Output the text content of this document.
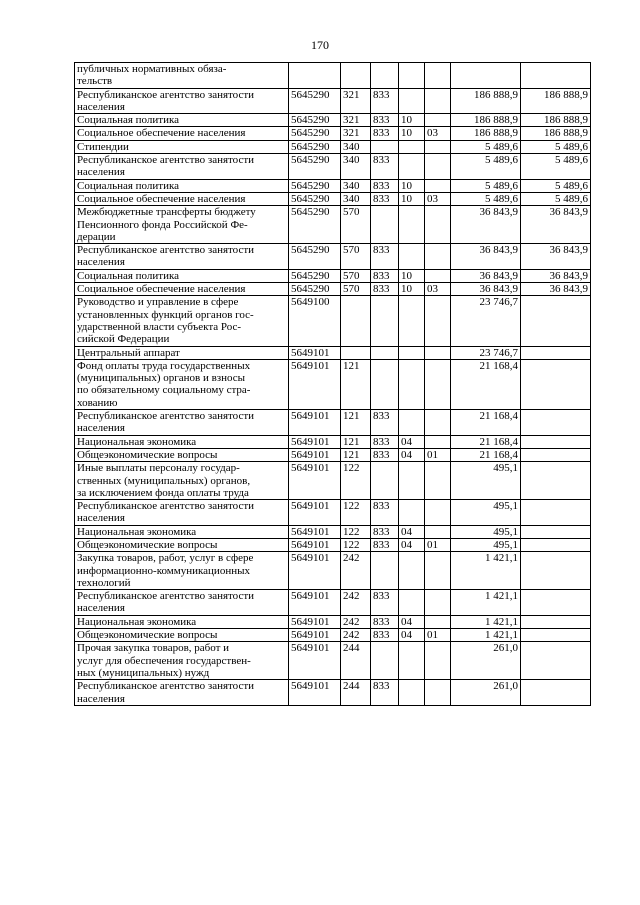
170
публичных нормативных обяза-
тельств							
Республиканское агентство занятости
населения	5645290	321	833			186 888,9	186 888,9
Социальная политика	5645290	321	833	10		186 888,9	186 888,9
Социальное обеспечение населения	5645290	321	833	10	03	186 888,9	186 888,9
Стипендии	5645290	340				5 489,6	5 489,6
Республиканское агентство занятости
населения	5645290	340	833			5 489,6	5 489,6
Социальная политика	5645290	340	833	10		5 489,6	5 489,6
Социальное обеспечение населения	5645290	340	833	10	03	5 489,6	5 489,6
Межбюджетные трансферты бюджету
Пенсионного фонда Российской Фе-
дерации	5645290	570				36 843,9	36 843,9
Республиканское агентство занятости
населения	5645290	570	833			36 843,9	36 843,9
Социальная политика	5645290	570	833	10		36 843,9	36 843,9
Социальное обеспечение населения	5645290	570	833	10	03	36 843,9	36 843,9
Руководство и управление в сфере
установленных функций органов гос-
ударственной власти субъекта Рос-
сийской Федерации	5649100					23 746,7	
Центральный аппарат	5649101					23 746,7	
Фонд оплаты труда государственных
(муниципальных) органов и взносы
по обязательному социальному стра-
хованию	5649101	121				21 168,4	
Республиканское агентство занятости
населения	5649101	121	833			21 168,4	
Национальная экономика	5649101	121	833	04		21 168,4	
Общеэкономические вопросы	5649101	121	833	04	01	21 168,4	
Иные выплаты персоналу государ-
ственных (муниципальных) органов,
за исключением фонда оплаты труда	5649101	122				495,1	
Республиканское агентство занятости
населения	5649101	122	833			495,1	
Национальная экономика	5649101	122	833	04		495,1	
Общеэкономические вопросы	5649101	122	833	04	01	495,1	
Закупка товаров, работ, услуг в сфере
информационно-коммуникационных
технологий	5649101	242				1 421,1	
Республиканское агентство занятости
населения	5649101	242	833			1 421,1	
Национальная экономика	5649101	242	833	04		1 421,1	
Общеэкономические вопросы	5649101	242	833	04	01	1 421,1	
Прочая закупка товаров, работ и
услуг для обеспечения государствен-
ных (муниципальных) нужд	5649101	244				261,0	
Республиканское агентство занятости
населения	5649101	244	833			261,0	
